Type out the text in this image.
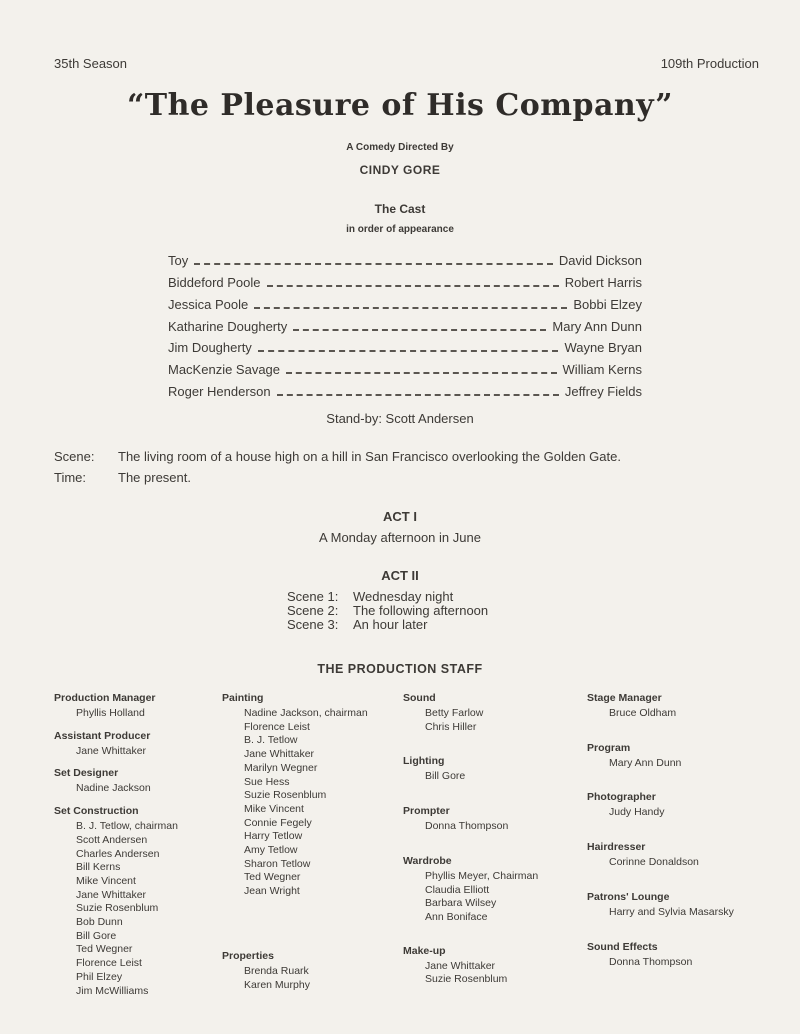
35th Season	109th Production
“The Pleasure of His Company”
A Comedy Directed By
CINDY GORE
The Cast
in order of appearance
Toy	David Dickson
Biddeford Poole	Robert Harris
Jessica Poole	Bobbi Elzey
Katharine Dougherty	Mary Ann Dunn
Jim Dougherty	Wayne Bryan
MacKenzie Savage	William Kerns
Roger Henderson	Jeffrey Fields
Stand-by: Scott Andersen
Scene: The living room of a house high on a hill in San Francisco overlooking the Golden Gate.
Time: The present.
ACT I
A Monday afternoon in June
ACT II
Scene 1:	Wednesday night
Scene 2:	The following afternoon
Scene 3:	An hour later
THE PRODUCTION STAFF
Production Manager
Phyllis Holland
Assistant Producer
Jane Whittaker
Set Designer
Nadine Jackson
Set Construction
B. J. Tetlow, chairman
Scott Andersen
Charles Andersen
Bill Kerns
Mike Vincent
Jane Whittaker
Suzie Rosenblum
Bob Dunn
Bill Gore
Ted Wegner
Florence Leist
Phil Elzey
Jim McWilliams
Painting
Nadine Jackson, chairman
Florence Leist
B. J. Tetlow
Jane Whittaker
Marilyn Wegner
Sue Hess
Suzie Rosenblum
Mike Vincent
Connie Fegely
Harry Tetlow
Amy Tetlow
Sharon Tetlow
Ted Wegner
Jean Wright
Properties
Brenda Ruark
Karen Murphy
Sound
Betty Farlow
Chris Hiller
Lighting
Bill Gore
Prompter
Donna Thompson
Wardrobe
Phyllis Meyer, Chairman
Claudia Elliott
Barbara Wilsey
Ann Boniface
Make-up
Jane Whittaker
Suzie Rosenblum
Stage Manager
Bruce Oldham
Program
Mary Ann Dunn
Photographer
Judy Handy
Hairdresser
Corinne Donaldson
Patrons' Lounge
Harry and Sylvia Masarsky
Sound Effects
Donna Thompson
